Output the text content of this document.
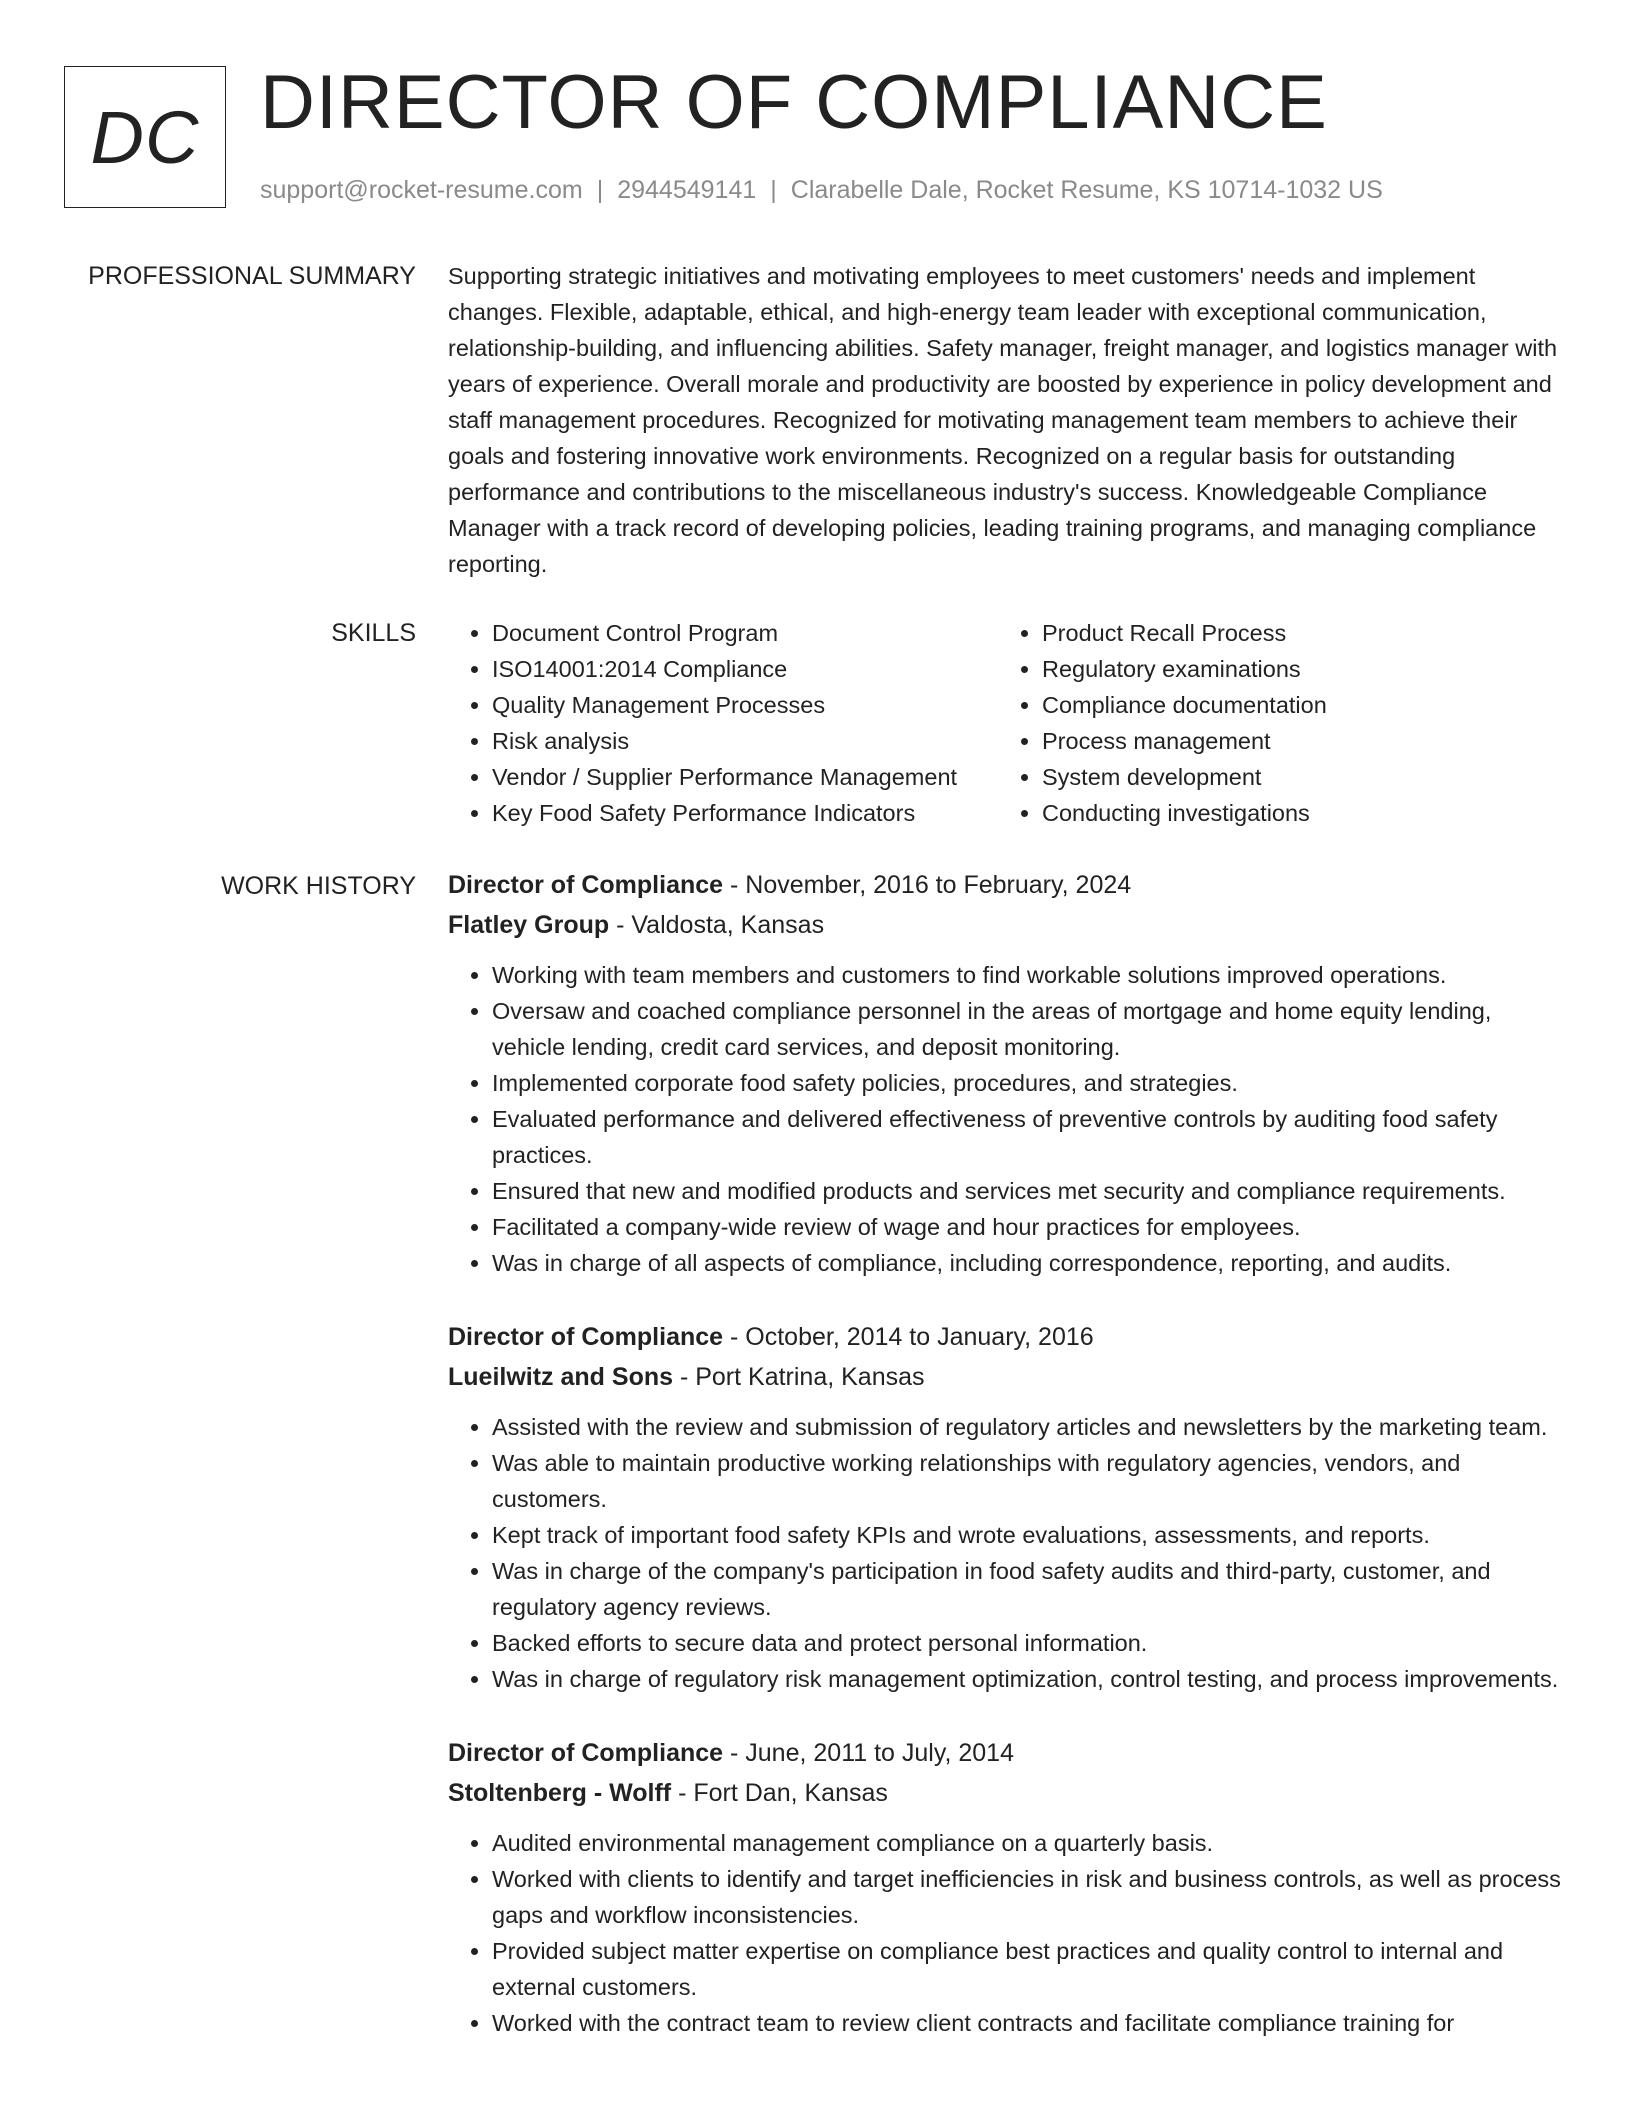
DC DIRECTOR OF COMPLIANCE
support@rocket-resume.com | 2944549141 | Clarabelle Dale, Rocket Resume, KS 10714-1032 US
PROFESSIONAL SUMMARY Supporting strategic initiatives and motivating employees to meet customers' needs and implement changes. Flexible, adaptable, ethical, and high-energy team leader with exceptional communication, relationship-building, and influencing abilities. Safety manager, freight manager, and logistics manager with years of experience. Overall morale and productivity are boosted by experience in policy development and staff management procedures. Recognized for motivating management team members to achieve their goals and fostering innovative work environments. Recognized on a regular basis for outstanding performance and contributions to the miscellaneous industry's success. Knowledgeable Compliance Manager with a track record of developing policies, leading training programs, and managing compliance reporting.

SKILLS
•	Document Control Program
• ISO14001:2014 Compliance
• Quality Management Processes
• Risk analysis
• Vendor / Supplier Performance Management
• Key Food Safety Performance Indicators
• Product Recall Process
• Regulatory examinations
• Compliance documentation
• Process management
• System development
• Conducting investigations
WORK HISTORY Director of Compliance - November, 2016 to February, 2024
Flatley Group - Valdosta, Kansas
• Working with team members and customers to find workable solutions improved operations.
• Oversaw and coached compliance personnel in the areas of mortgage and home equity lending, vehicle lending, credit card services, and deposit monitoring.
• Implemented corporate food safety policies, procedures, and strategies.
• Evaluated performance and delivered effectiveness of preventive controls by auditing food safety practices.
• Ensured that new and modified products and services met security and compliance requirements.
• Facilitated a company-wide review of wage and hour practices for employees.
• Was in charge of all aspects of compliance, including correspondence, reporting, and audits.
Director of Compliance - October, 2014 to January, 2016
Lueilwitz and Sons - Port Katrina, Kansas
• Assisted with the review and submission of regulatory articles and newsletters by the marketing team.
• Was able to maintain productive working relationships with regulatory agencies, vendors, and customers.
• Kept track of important food safety KPIs and wrote evaluations, assessments, and reports.
• Was in charge of the company's participation in food safety audits and third-party, customer, and regulatory agency reviews.
• Backed efforts to secure data and protect personal information.
• Was in charge of regulatory risk management optimization, control testing, and process improvements.
Director of Compliance - June, 2011 to July, 2014
Stoltenberg - Wolff - Fort Dan, Kansas
• Audited environmental management compliance on a quarterly basis.
• Worked with clients to identify and target inefficiencies in risk and business controls, as well as process gaps and workflow inconsistencies.
• Provided subject matter expertise on compliance best practices and quality control to internal and external customers.
• Worked with the contract team to review client contracts and facilitate compliance training for
